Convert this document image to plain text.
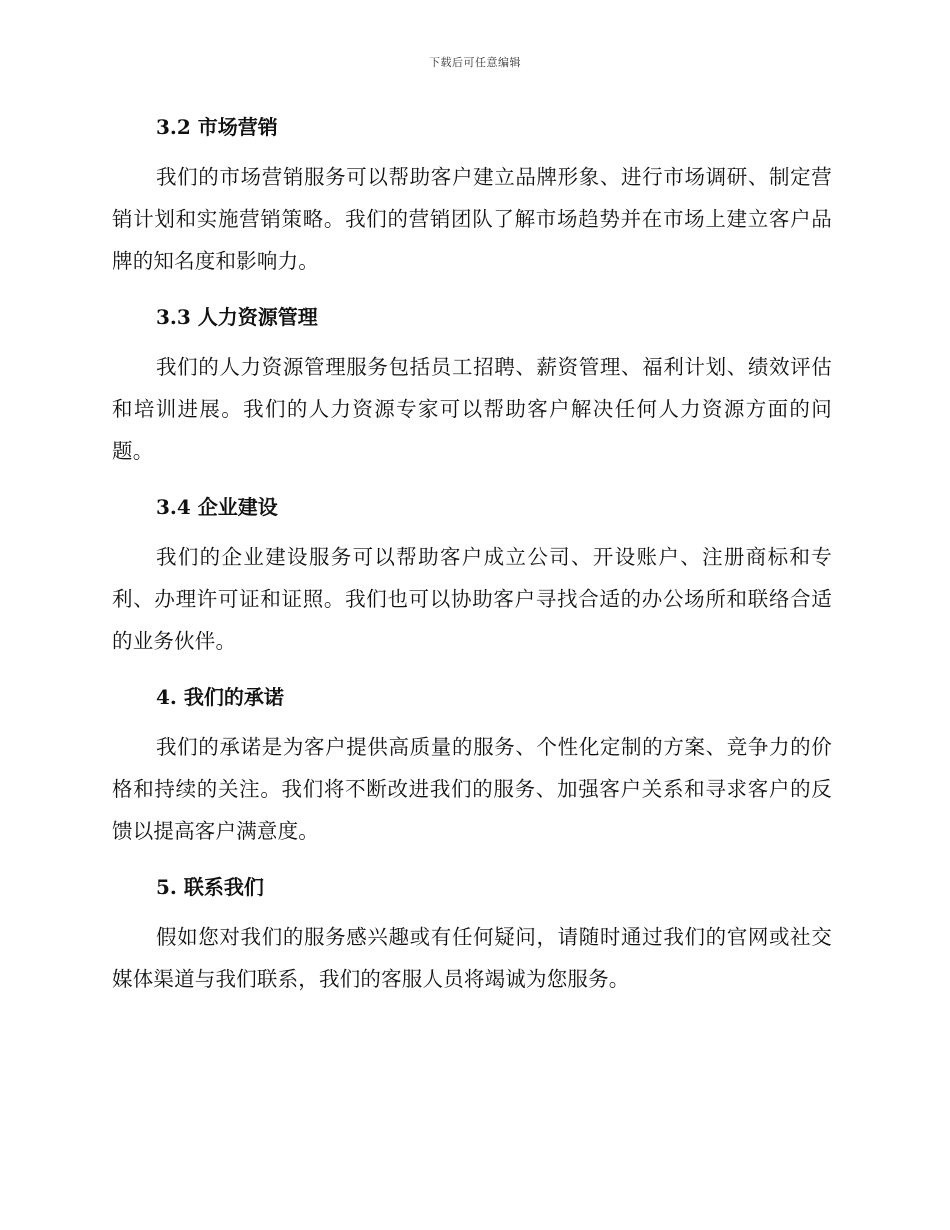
下载后可任意编辑
3.2 市场营销

我们的市场营销服务可以帮助客户建立品牌形象、进行市场调研、制定营销计划和实施营销策略。我们的营销团队了解市场趋势并在市场上建立客户品牌的知名度和影响力。

3.3 人力资源管理

我们的人力资源管理服务包括员工招聘、薪资管理、福利计划、绩效评估和培训进展。我们的人力资源专家可以帮助客户解决任何人力资源方面的问题。

3.4 企业建设

我们的企业建设服务可以帮助客户成立公司、开设账户、注册商标和专利、办理许可证和证照。我们也可以协助客户寻找合适的办公场所和联络合适的业务伙伴。

4. 我们的承诺

我们的承诺是为客户提供高质量的服务、个性化定制的方案、竞争力的价格和持续的关注。我们将不断改进我们的服务、加强客户关系和寻求客户的反馈以提高客户满意度。

5. 联系我们

假如您对我们的服务感兴趣或有任何疑问，请随时通过我们的官网或社交媒体渠道与我们联系，我们的客服人员将竭诚为您服务。
